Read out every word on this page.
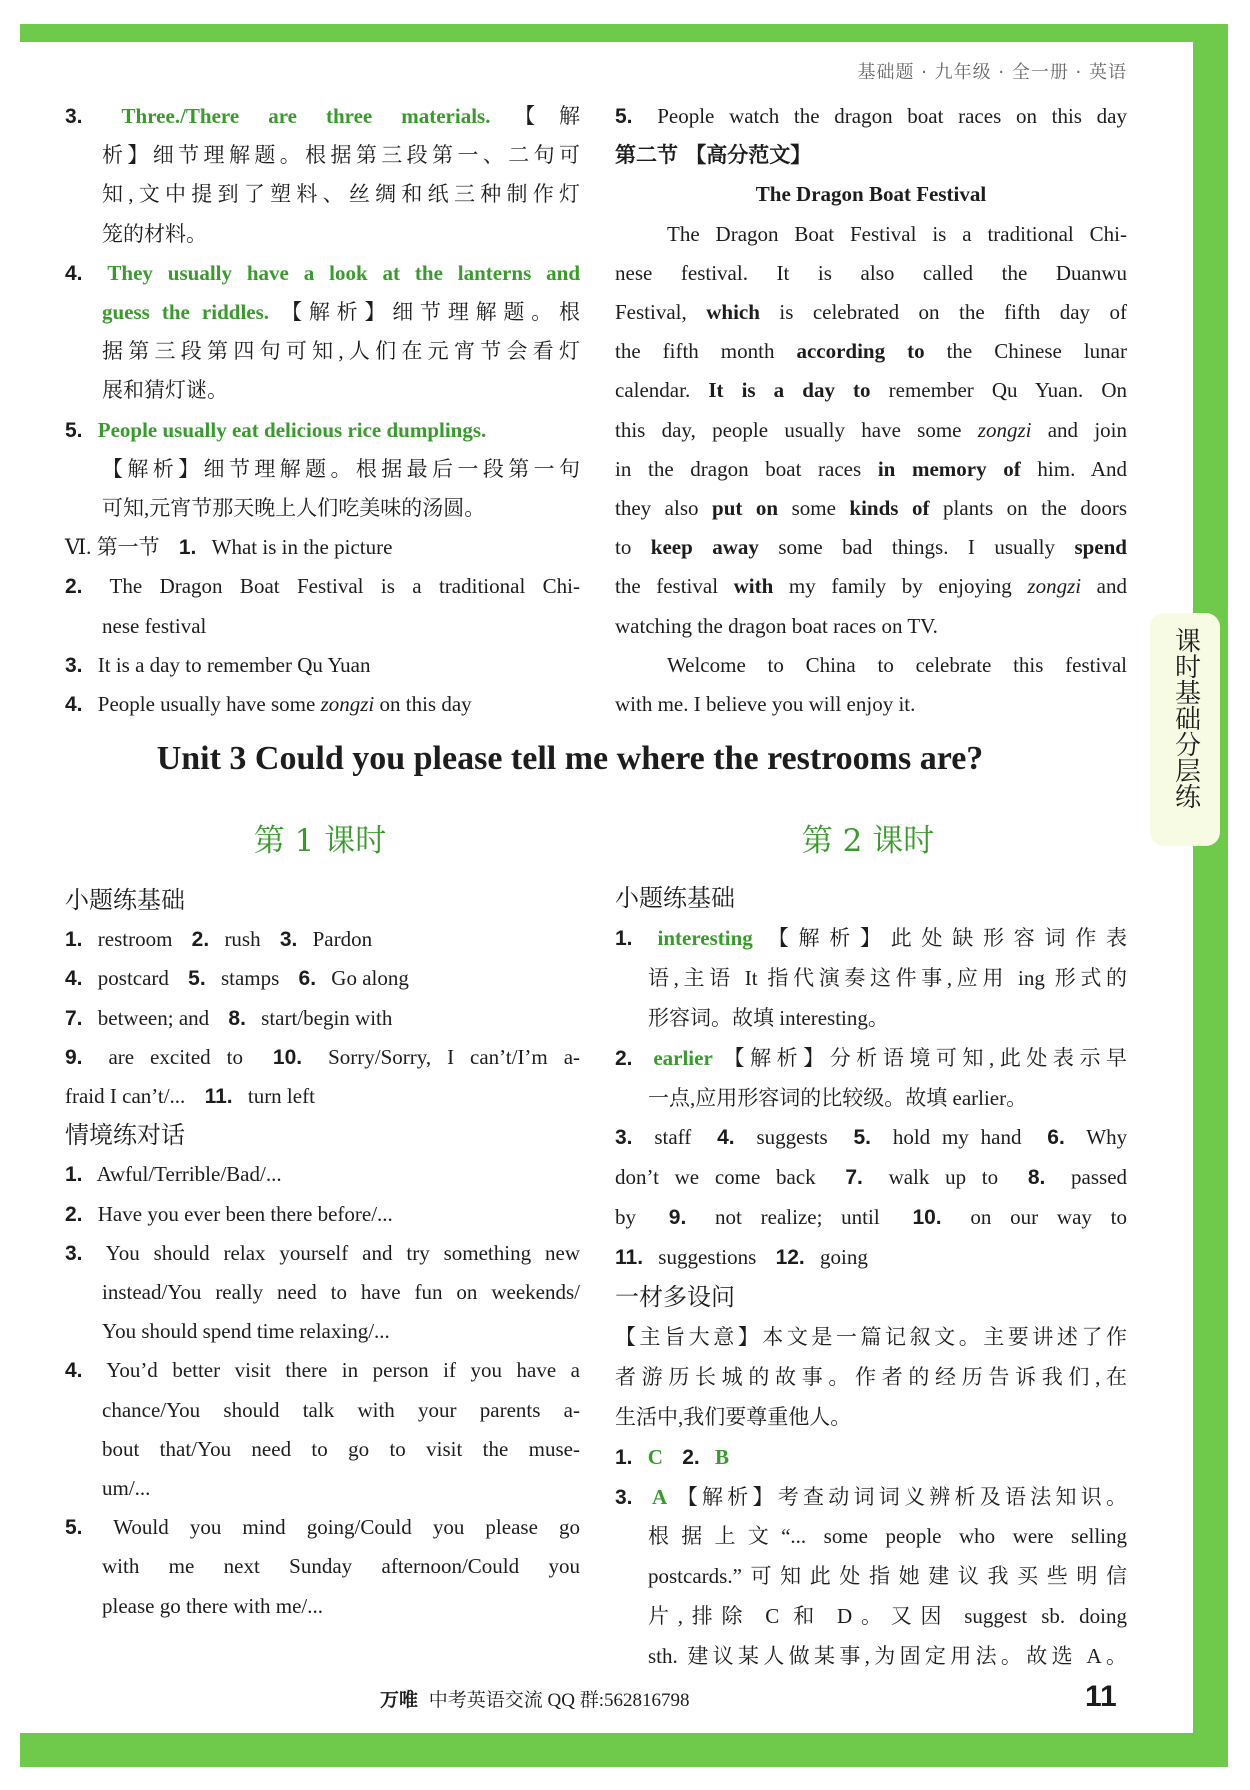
基础题 · 九年级 · 全一册 · 英语
课时基础分层练
3. Three./There are three materials.【解
析】细节理解题。根据第三段第一、二句可
知,文中提到了塑料、丝绸和纸三种制作灯
笼的材料。
4. They usually have a look at the lanterns and
guess the riddles. 【解析】细节理解题。根
据第三段第四句可知,人们在元宵节会看灯
展和猜灯谜。
5. People usually eat delicious rice dumplings.
【解析】细节理解题。根据最后一段第一句
可知,元宵节那天晚上人们吃美味的汤圆。
Ⅵ. 第一节 1. What is in the picture
2. The Dragon Boat Festival is a traditional Chi-
nese festival
3. It is a day to remember Qu Yuan
4. People usually have some zongzi on this day
5. People watch the dragon boat races on this day
第二节 【高分范文】
The Dragon Boat Festival
The Dragon Boat Festival is a traditional Chi-
nese festival. It is also called the Duanwu
Festival, which is celebrated on the fifth day of
the fifth month according to the Chinese lunar
calendar. It is a day to remember Qu Yuan. On
this day, people usually have some zongzi and join
in the dragon boat races in memory of him. And
they also put on some kinds of plants on the doors
to keep away some bad things. I usually spend
the festival with my family by enjoying zongzi and
watching the dragon boat races on TV.
Welcome to China to celebrate this festival
with me. I believe you will enjoy it.
Unit 3 Could you please tell me where the restrooms are?
第 1 课时	第 2 课时
小题练基础
1. restroom 2. rush 3. Pardon
4. postcard 5. stamps 6. Go along
7. between; and 8. start/begin with
9. are excited to 10. Sorry/Sorry, I can’t/I’m a-
fraid I can’t/... 11. turn left
情境练对话
1. Awful/Terrible/Bad/...
2. Have you ever been there before/...
3. You should relax yourself and try something new
instead/You really need to have fun on weekends/
You should spend time relaxing/...
4. You’d better visit there in person if you have a
chance/You should talk with your parents a-
bout that/You need to go to visit the muse-
um/...
5. Would you mind going/Could you please go
with me next Sunday afternoon/Could you
please go there with me/...
小题练基础
1. interesting 【解析】此处缺形容词作表
语,主语 It 指代演奏这件事,应用 ing 形式的
形容词。故填 interesting。
2. earlier 【解析】分析语境可知,此处表示早
一点,应用形容词的比较级。故填 earlier。
3. staff 4. suggests 5. hold my hand 6. Why
don’t we come back 7. walk up to 8. passed
by 9. not realize; until 10. on our way to
11. suggestions 12. going
一材多设问
【主旨大意】本文是一篇记叙文。主要讲述了作
者游历长城的故事。作者的经历告诉我们,在
生活中,我们要尊重他人。
1. C 2. B
3. A 【解析】考查动词词义辨析及语法知识。
根据上文“... some people who were selling
postcards.”可知此处指她建议我买些明信
片,排除 C 和 D。又因 suggest sb. doing
sth. 建议某人做某事,为固定用法。故选 A。
万唯 中考英语交流 QQ 群:562816798	11
